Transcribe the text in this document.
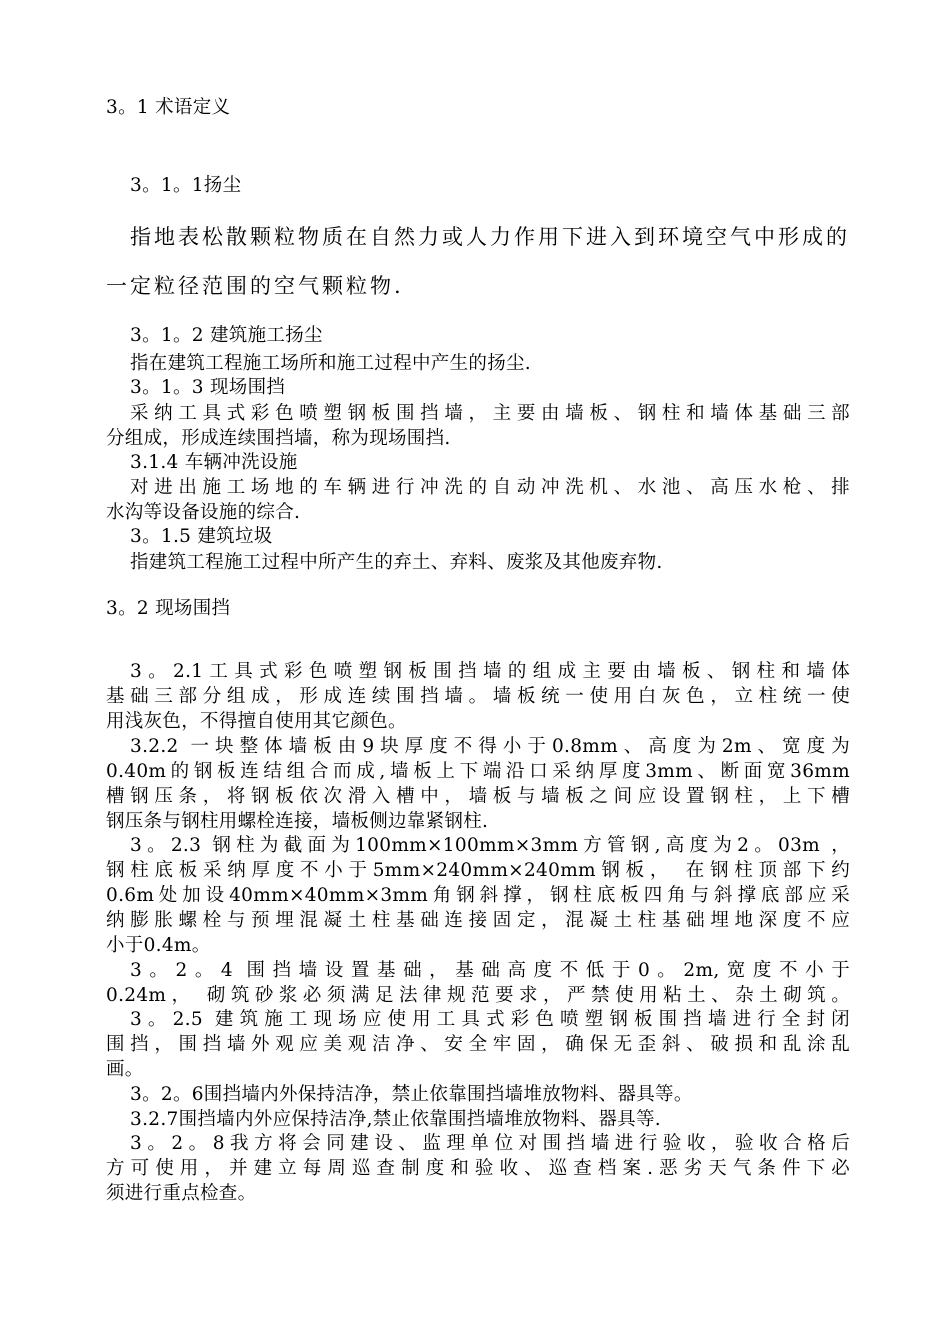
3。1 术语定义
3。1。1扬尘
指地表松散颗粒物质在自然力或人力作用下进入到环境空气中形成的
一定粒径范围的空气颗粒物.
3。1。2 建筑施工扬尘
指在建筑工程施工场所和施工过程中产生的扬尘.
3。1。3 现场围挡
采纳工具式彩色喷塑钢板围挡墙，主要由墙板、钢柱和墙体基础三部
分组成，形成连续围挡墙，称为现场围挡.
3.1.4 车辆冲洗设施
对进出施工场地的车辆进行冲洗的自动冲洗机、水池、高压水枪、排
水沟等设备设施的综合.
3。1.5 建筑垃圾
指建筑工程施工过程中所产生的弃土、弃料、废浆及其他废弃物.
3。2 现场围挡
3。2.1工具式彩色喷塑钢板围挡墙的组成主要由墙板、钢柱和墙体
基础三部分组成，形成连续围挡墙。墙板统一使用白灰色，立柱统一使
用浅灰色，不得擅自使用其它颜色。
3.2.2 一块整体墙板由9块厚度不得小于0.8mm、高度为2m、宽度为
0.40m的钢板连结组合而成,墙板上下端沿口采纳厚度3mm、断面宽36mm
槽钢压条，将钢板依次滑入槽中，墙板与墙板之间应设置钢柱，上下槽
钢压条与钢柱用螺栓连接，墙板侧边靠紧钢柱.
3。2.3 钢柱为截面为100mm×100mm×3mm方管钢,高度为2。03m ，
钢柱底板采纳厚度不小于5mm×240mm×240mm钢板， 在钢柱顶部下约
0.6m处加设40mm×40mm×3mm角钢斜撑，钢柱底板四角与斜撑底部应采
纳膨胀螺栓与预埋混凝土柱基础连接固定，混凝土柱基础埋地深度不应
小于0.4m。
3。2。4 围挡墙设置基础，基础高度不低于0。2m,宽度不小于
0.24m， 砌筑砂浆必须满足法律规范要求，严禁使用粘土、杂土砌筑。
3。2.5 建筑施工现场应使用工具式彩色喷塑钢板围挡墙进行全封闭
围挡，围挡墙外观应美观洁净、安全牢固，确保无歪斜、破损和乱涂乱
画。
3。2。6围挡墙内外保持洁净，禁止依靠围挡墙堆放物料、器具等。
3.2.7围挡墙内外应保持洁净,禁止依靠围挡墙堆放物料、器具等.
3。2。8我方将会同建设、监理单位对围挡墙进行验收，验收合格后
方可使用，并建立每周巡查制度和验收、巡查档案.恶劣天气条件下必
须进行重点检查。
